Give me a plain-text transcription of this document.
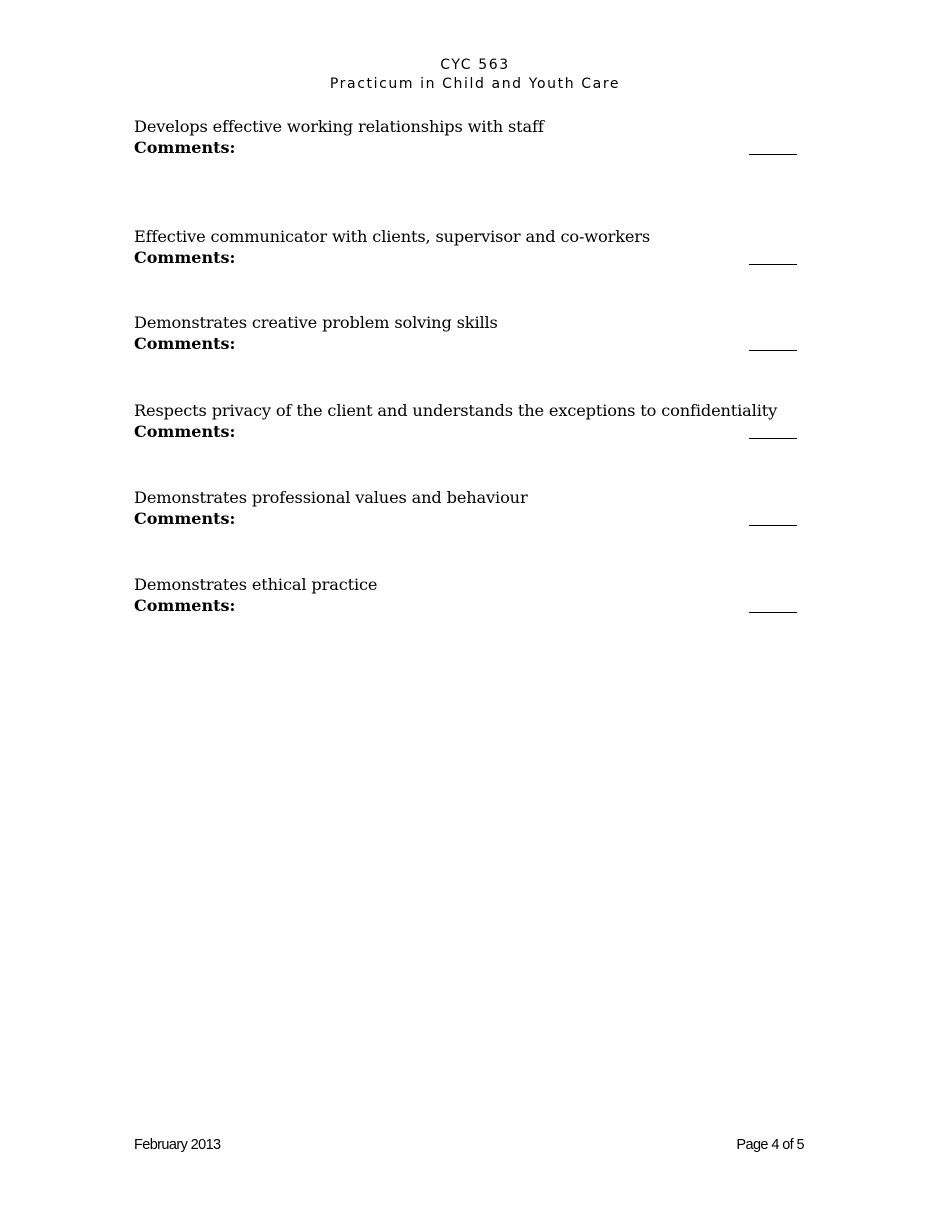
CYC 563
Practicum in Child and Youth Care
Develops effective working relationships with staff
Comments:
Effective communicator with clients, supervisor and co-workers
Comments:
Demonstrates creative problem solving skills
Comments:
Respects privacy of the client and understands the exceptions to confidentiality
Comments:
Demonstrates professional values and behaviour
Comments:
Demonstrates ethical practice
Comments:
February 2013	Page 4 of 5
